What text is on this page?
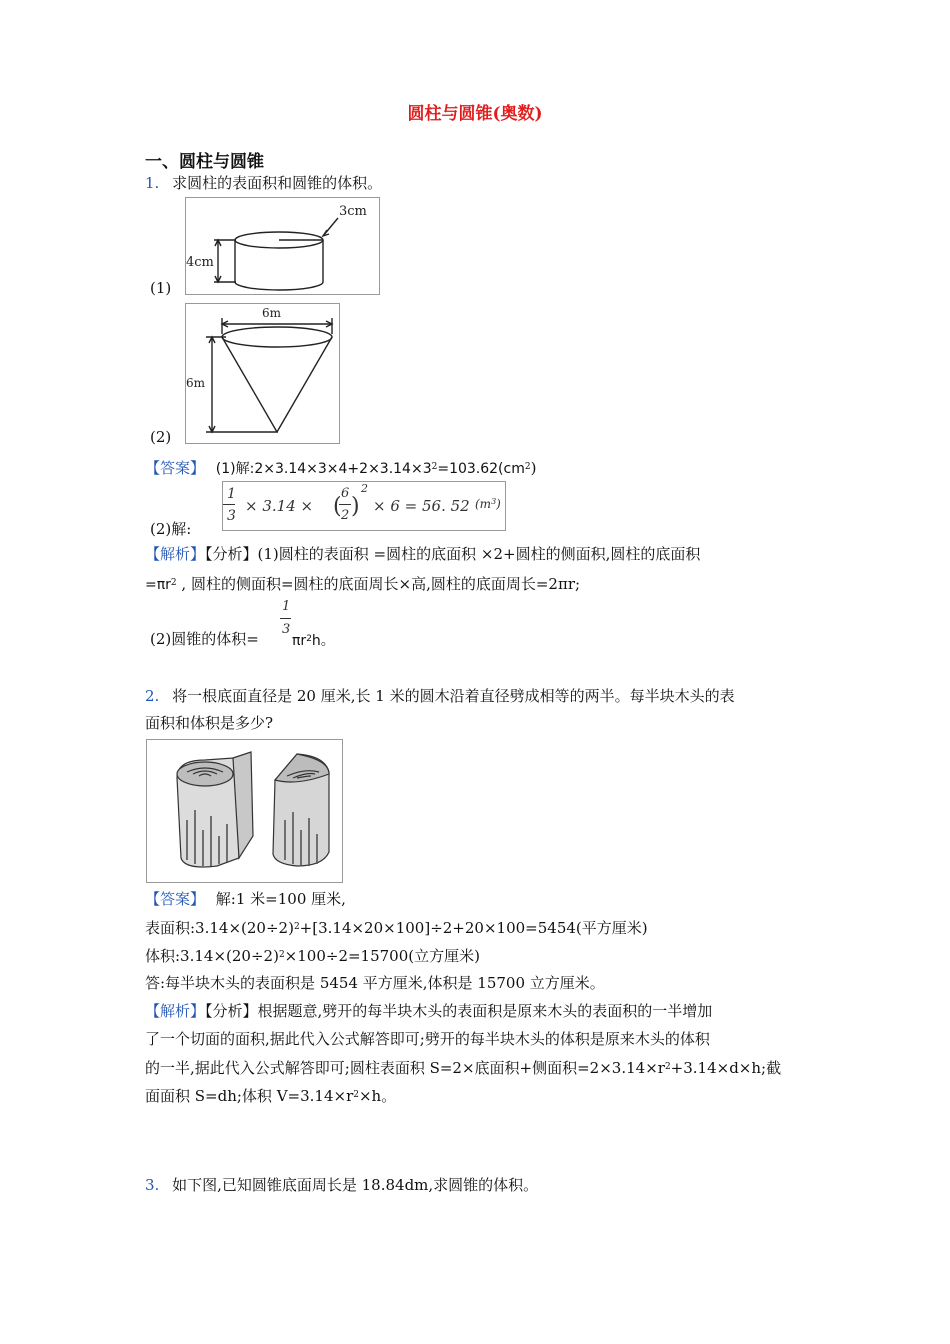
圆柱与圆锥(奥数)
一、圆柱与圆锥
1. 求圆柱的表面积和圆锥的体积。
(1)
3cm
4cm
(2)
6m
6m
【答案】 (1)解$:2\times 3.14\times 3\times 4+2\times 3.14\times 3^2=103.62(cm^2)$
(2)解:
1
3
× 3.14 × (
6
2 )
2
× 6 = 56. 52 $(m^3)$
【解析】【分析】(1)圆柱的表面积 =圆柱的底面积 ×2+圆柱的侧面积,圆柱的底面积
$=\pi r^2$ , 圆柱的侧面积=圆柱的底面周长×高,圆柱的底面周长=2πr;
(2)圆锥的体积=
1
3
$\pi r^2h$。
2. 将一根底面直径是 20 厘米,长 1 米的圆木沿着直径劈成相等的两半。每半块木头的表
面积和体积是多少?
【答案】 解:1 米=100 厘米,
表面积$:3.14\times(20\div 2)^2+[3.14\times 20\times 100]\div 2+20\times 100=5454$(平方厘米)
体积$:3.14\times(20\div 2)^2\times 100\div 2=15700$(立方厘米)
答:每半块木头的表面积是 5454 平方厘米,体积是 15700 立方厘米。
【解析】【分析】根据题意,劈开的每半块木头的表面积是原来木头的表面积的一半增加
了一个切面的面积,据此代入公式解答即可;劈开的每半块木头的体积是原来木头的体积
的一半,据此代入公式解答即可;圆柱表面积 S=2×底面积+侧面积$=2\times 3.14\times r^2+3.14\times d\times h$;截
面面积 S=dh;体积 $V=3.14\times r^2\times h$。
3. 如下图,已知圆锥底面周长是 18.84dm,求圆锥的体积。
